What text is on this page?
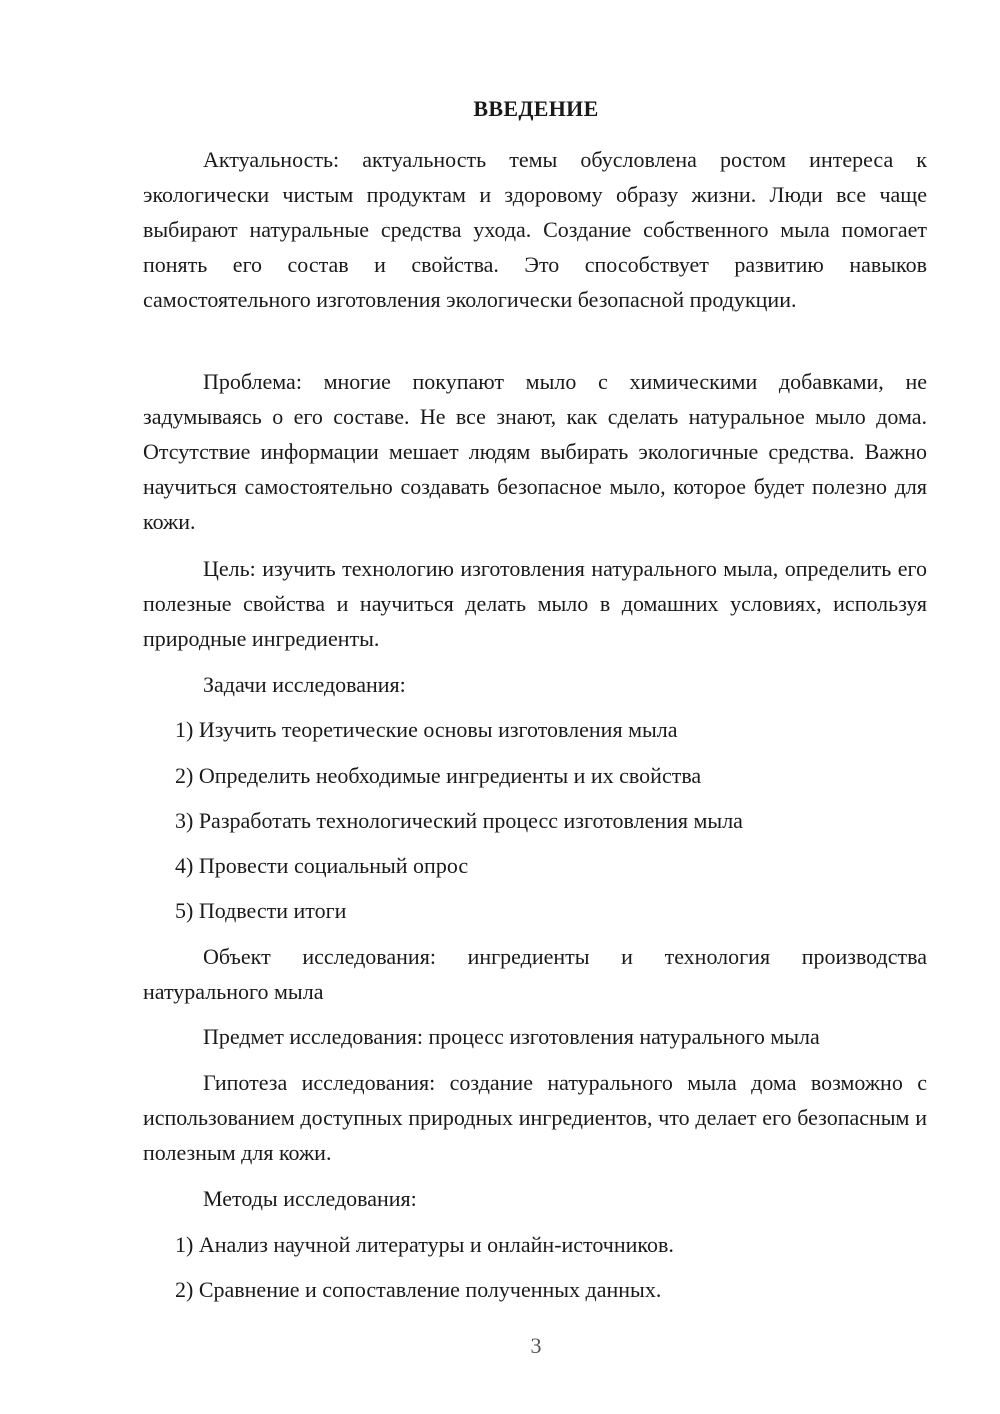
ВВЕДЕНИЕ

Актуальность: актуальность темы обусловлена ростом интереса к экологически чистым продуктам и здоровому образу жизни. Люди все чаще выбирают натуральные средства ухода. Создание собственного мыла помогает понять его состав и свойства. Это способствует развитию навыков самостоятельного изготовления экологически безопасной продукции.

Проблема: многие покупают мыло с химическими добавками, не задумываясь о его составе. Не все знают, как сделать натуральное мыло дома. Отсутствие информации мешает людям выбирать экологичные средства. Важно научиться самостоятельно создавать безопасное мыло, которое будет полезно для кожи.

Цель: изучить технологию изготовления натурального мыла, определить его полезные свойства и научиться делать мыло в домашних условиях, используя природные ингредиенты.

Задачи исследования:

1) Изучить теоретические основы изготовления мыла

2) Определить необходимые ингредиенты и их свойства

3) Разработать технологический процесс изготовления мыла

4) Провести социальный опрос

5) Подвести итоги

Объект исследования: ингредиенты и технология производства натурального мыла

Предмет исследования: процесс изготовления натурального мыла

Гипотеза исследования: создание натурального мыла дома возможно с использованием доступных природных ингредиентов, что делает его безопасным и полезным для кожи.

Методы исследования:

1) Анализ научной литературы и онлайн-источников.

2) Сравнение и сопоставление полученных данных.

3
